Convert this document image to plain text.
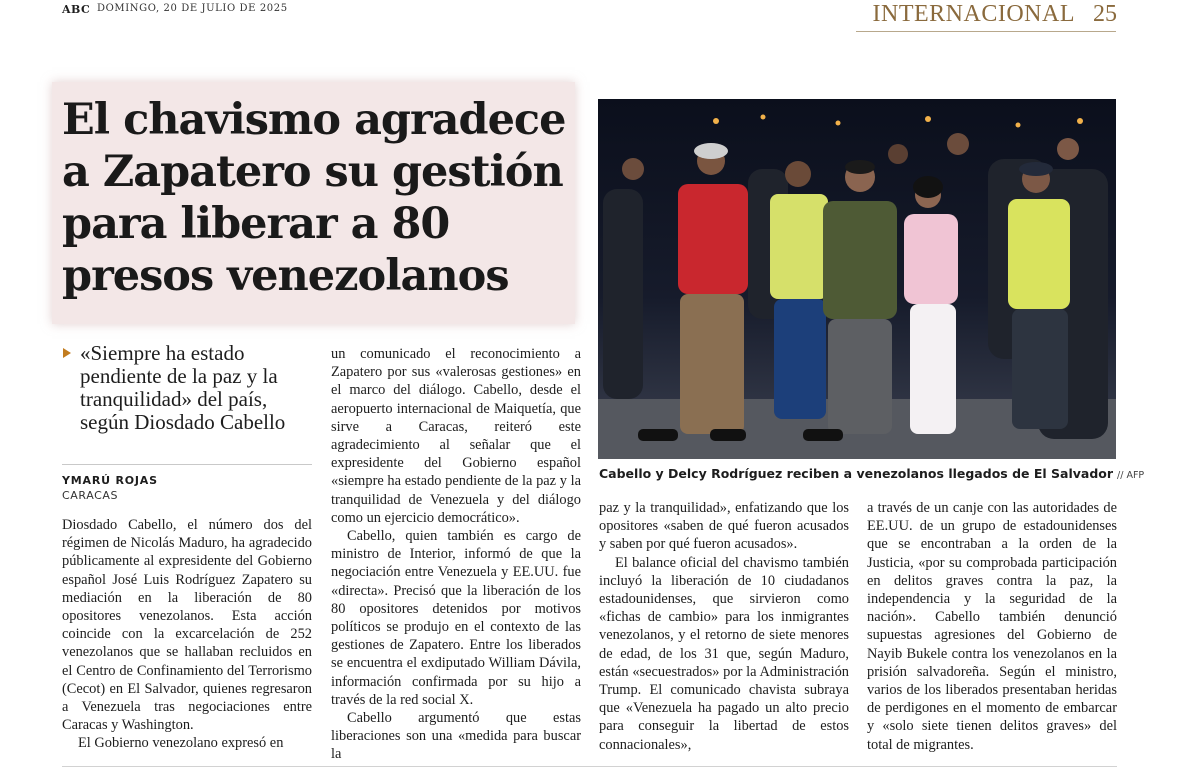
ABC DOMINGO, 20 DE JULIO DE 2025	INTERNACIONAL 25
El chavismo agradece a Zapatero su gestión para liberar a 80 presos venezolanos

«Siempre ha estado pendiente de la paz y la tranquilidad» del país, según Diosdado Cabello

YMARÚ ROJAS
CARACAS

Diosdado Cabello, el número dos del régimen de Nicolás Maduro, ha agradecido públicamente al expresidente del Gobierno español José Luis Rodríguez Zapatero su mediación en la liberación de 80 opositores venezolanos. Esta acción coincide con la excarcelación de 252 venezolanos que se hallaban recluidos en el Centro de Confinamiento del Terrorismo (Cecot) en El Salvador, quienes regresaron a Venezuela tras negociaciones entre Caracas y Washington.

El Gobierno venezolano expresó en

un comunicado el reconocimiento a Zapatero por sus «valerosas gestiones» en el marco del diálogo. Cabello, desde el aeropuerto internacional de Maiquetía, que sirve a Caracas, reiteró este agradecimiento al señalar que el expresidente del Gobierno español «siempre ha estado pendiente de la paz y la tranquilidad de Venezuela y del diálogo como un ejercicio democrático».

Cabello, quien también es cargo de ministro de Interior, informó de que la negociación entre Venezuela y EE.UU. fue «directa». Precisó que la liberación de los 80 opositores detenidos por motivos políticos se produjo en el contexto de las gestiones de Zapatero. Entre los liberados se encuentra el exdiputado William Dávila, información confirmada por su hijo a través de la red social X.

Cabello argumentó que estas liberaciones son una «medida para buscar la

Cabello y Delcy Rodríguez reciben a venezolanos llegados de El Salvador // AFP

paz y la tranquilidad», enfatizando que los opositores «saben de qué fueron acusados y saben por qué fueron acusados».

El balance oficial del chavismo también incluyó la liberación de 10 ciudadanos estadounidenses, que sirvieron como «fichas de cambio» para los inmigrantes venezolanos, y el retorno de siete menores de edad, de los 31 que, según Maduro, están «secuestrados» por la Administración Trump. El comunicado chavista subraya que «Venezuela ha pagado un alto precio para conseguir la libertad de estos connacionales»,

a través de un canje con las autoridades de EE.UU. de un grupo de estadounidenses que se encontraban a la orden de la Justicia, «por su comprobada participación en delitos graves contra la paz, la independencia y la seguridad de la nación». Cabello también denunció supuestas agresiones del Gobierno de Nayib Bukele contra los venezolanos en la prisión salvadoreña. Según el ministro, varios de los liberados presentaban heridas de perdigones en el momento de embarcar y «solo siete tienen delitos graves» del total de migrantes.
